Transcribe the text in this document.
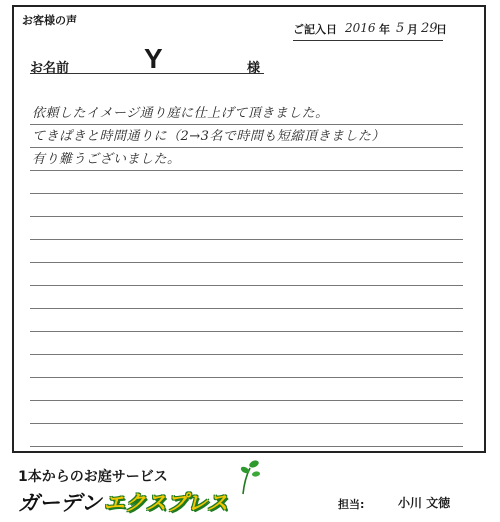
お客様の声
ご記入日 2016 年 5 月 29
日
お名前	Y	様
依頼したイメージ通り庭に仕上げて頂きました。
てきぱきと時間通りに（2→3名で時間も短縮頂きました）
有り難うございました。
1本からのお庭サービス
ガーデン エクスプレス	担当:	小川 文徳
